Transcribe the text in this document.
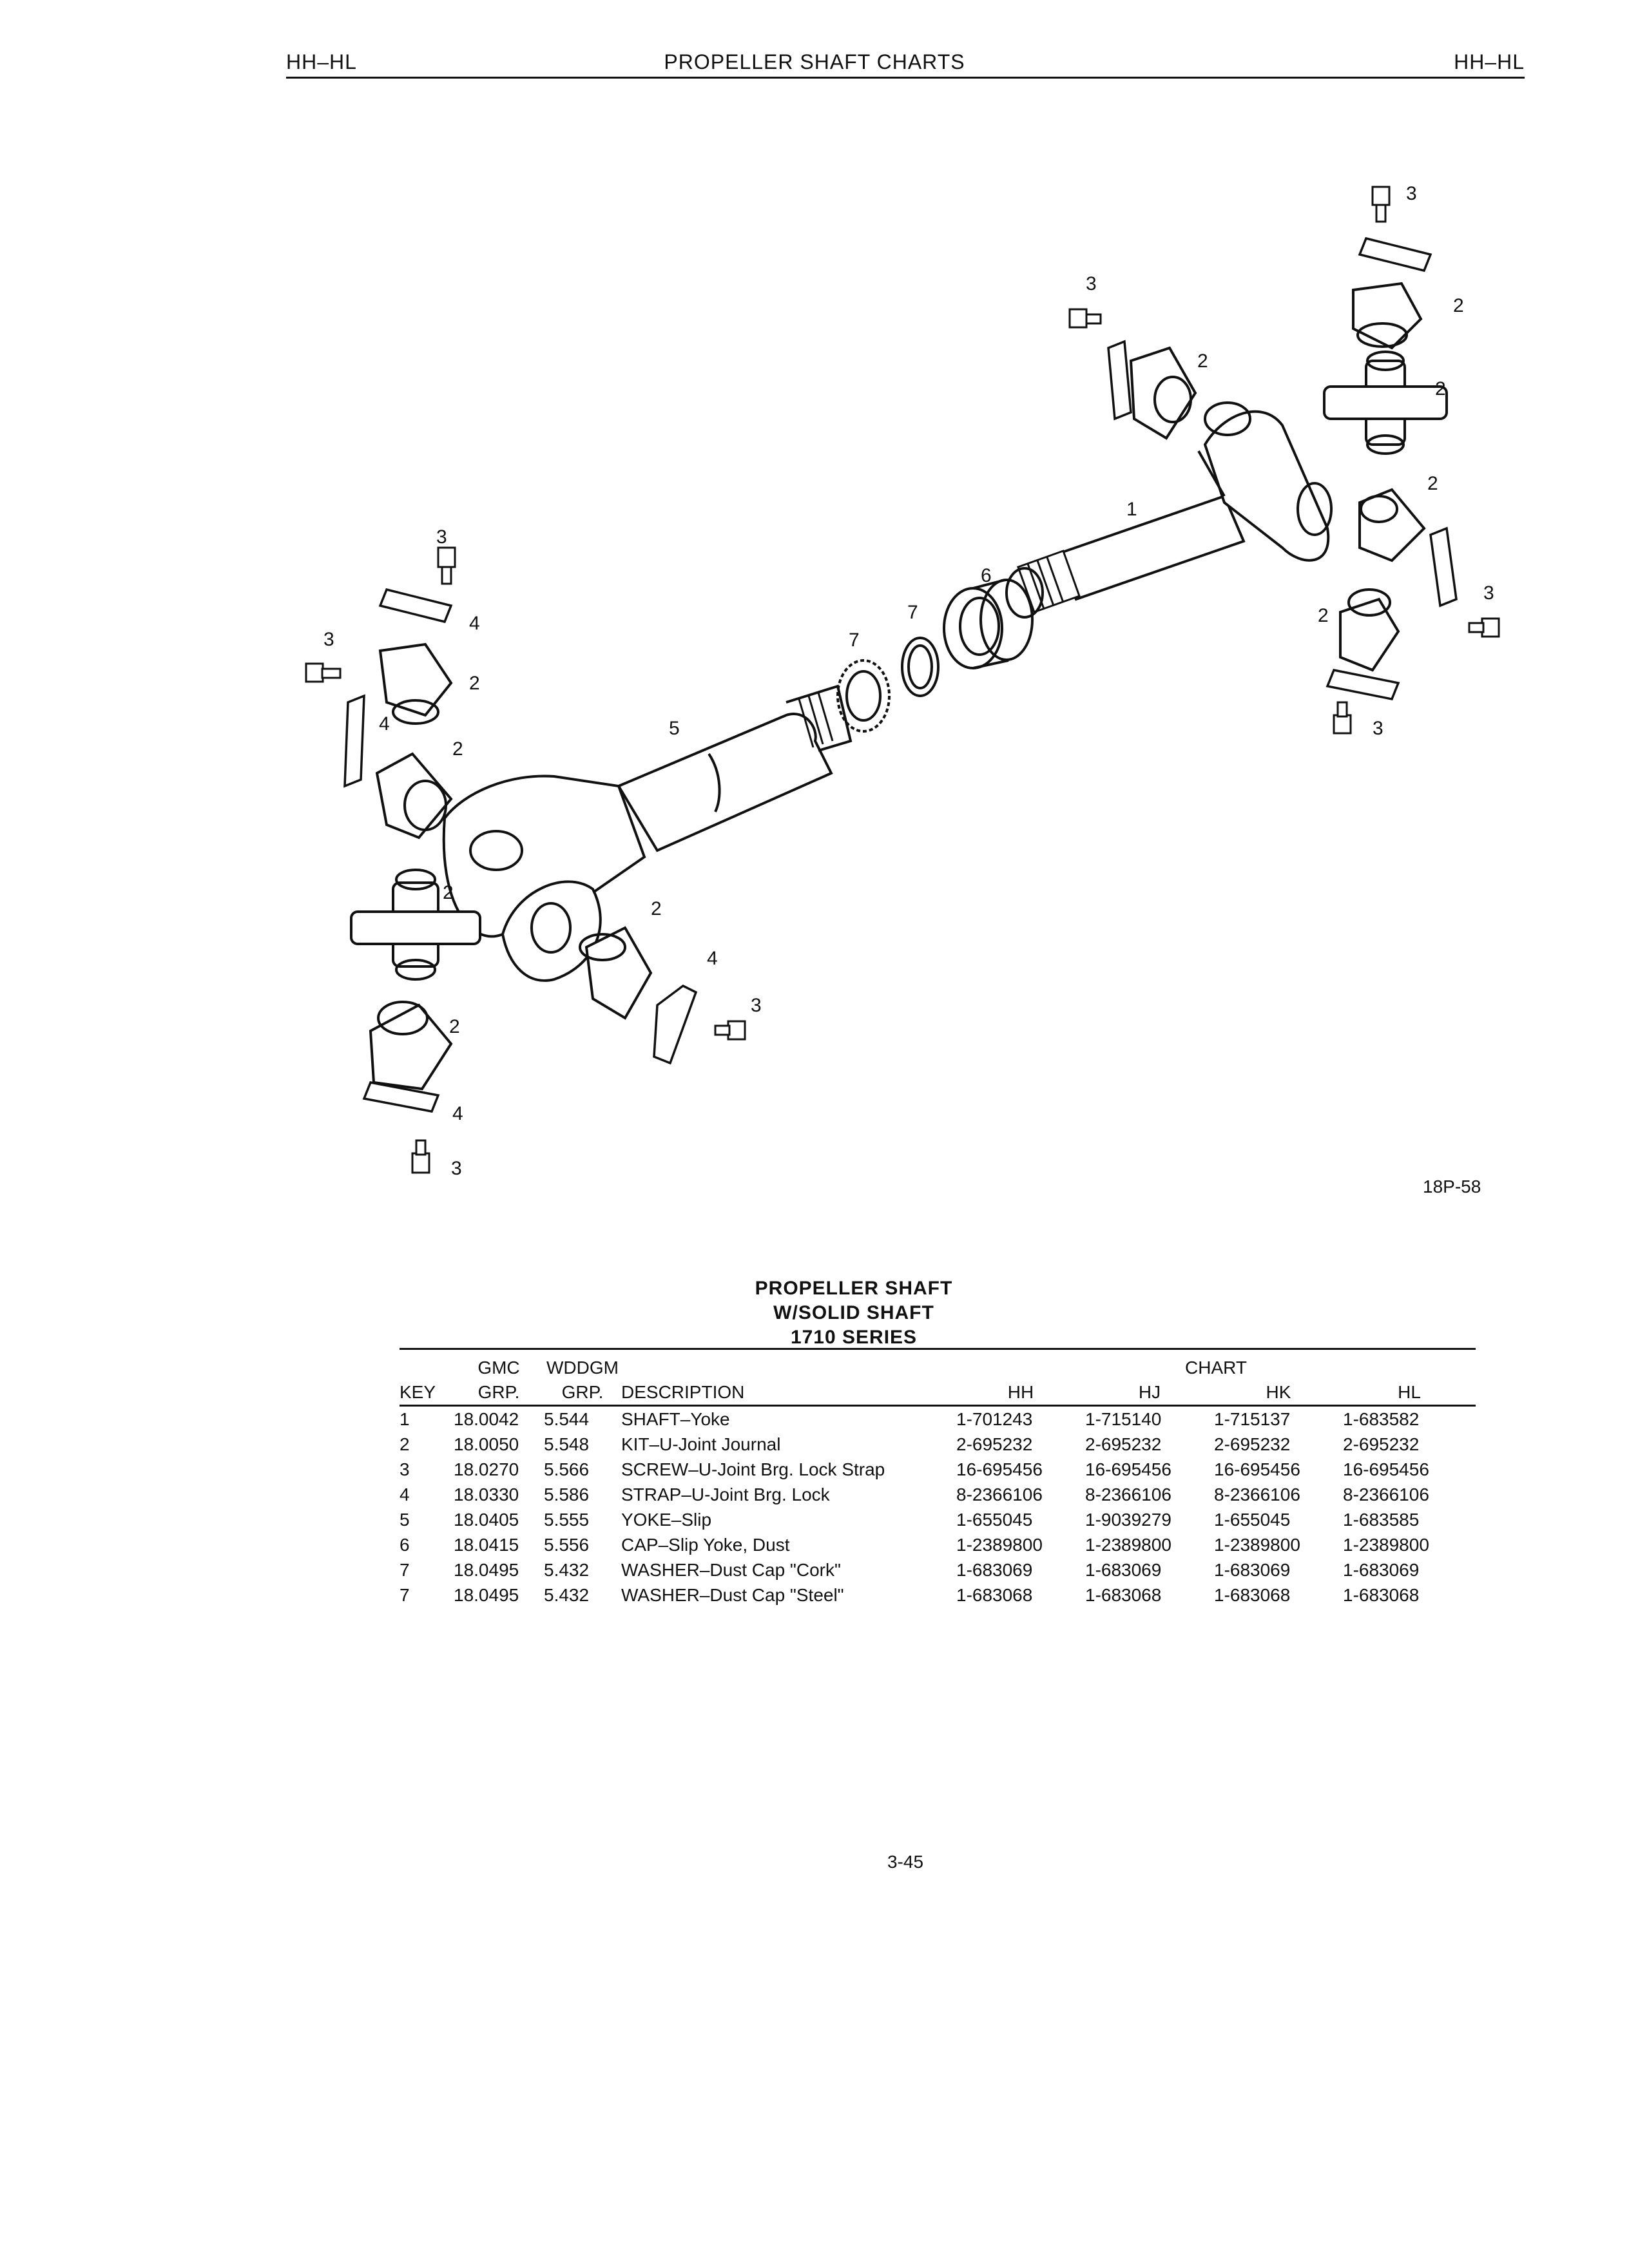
HH–HL	PROPELLER SHAFT CHARTS	HH–HL
3
2
2
2
3
2
3
1
6
7
7
5
3
4
3
2
4
2
2
2
4
3
2
4
3
2
3
18P-58
PROPELLER SHAFT
W/SOLID SHAFT
1710 SERIES
	GMC	WDDGM		CHART			
KEY	GRP.	GRP.	DESCRIPTION	HH	HJ	HK	HL
1	18.0042	5.544	SHAFT–Yoke	1-701243	1-715140	1-715137	1-683582
2	18.0050	5.548	KIT–U-Joint Journal	2-695232	2-695232	2-695232	2-695232
3	18.0270	5.566	SCREW–U-Joint Brg. Lock Strap	16-695456	16-695456	16-695456	16-695456
4	18.0330	5.586	STRAP–U-Joint Brg. Lock	8-2366106	8-2366106	8-2366106	8-2366106
5	18.0405	5.555	YOKE–Slip	1-655045	1-9039279	1-655045	1-683585
6	18.0415	5.556	CAP–Slip Yoke, Dust	1-2389800	1-2389800	1-2389800	1-2389800
7	18.0495	5.432	WASHER–Dust Cap "Cork"	1-683069	1-683069	1-683069	1-683069
7	18.0495	5.432	WASHER–Dust Cap "Steel"	1-683068	1-683068	1-683068	1-683068
3-45
